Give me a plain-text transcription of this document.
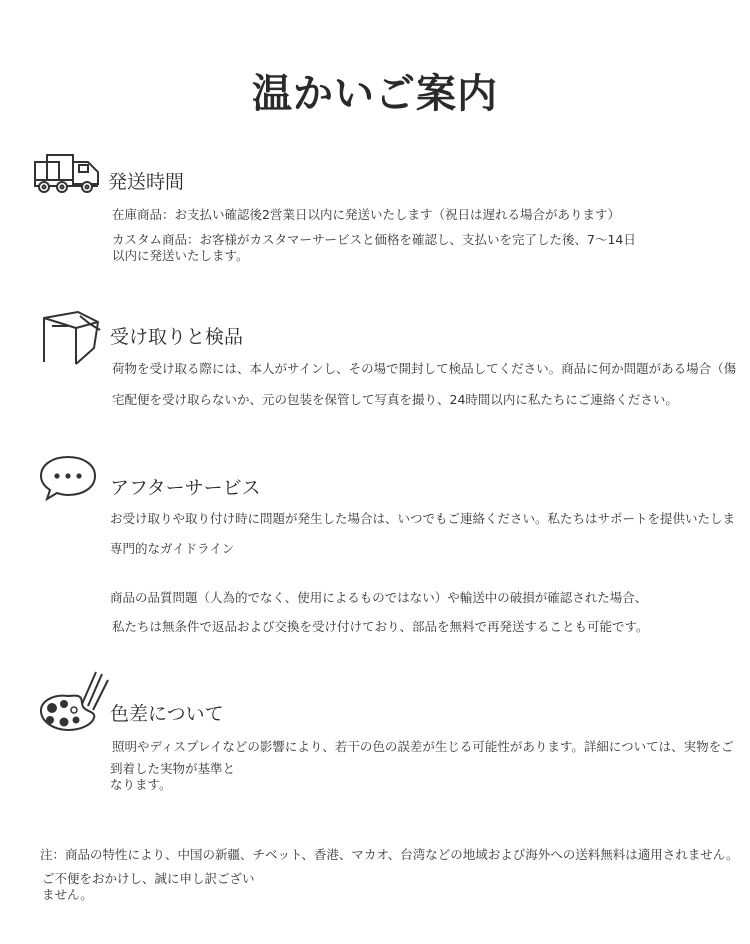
温かいご案内
発送時間
在庫商品：お支払い確認後2営業日以内に発送いたします（祝日は遅れる場合があります）
カスタム商品：お客様がカスタマーサービスと価格を確認し、支払いを完了した後、7〜14日
以内に発送いたします。
受け取りと検品
荷物を受け取る際には、本人がサインし、その場で開封して検品してください。商品に何か問題がある場合（傷
宅配便を受け取らないか、元の包装を保管して写真を撮り、24時間以内に私たちにご連絡ください。
アフターサービス
お受け取りや取り付け時に問題が発生した場合は、いつでもご連絡ください。私たちはサポートを提供いたしま
専門的なガイドライン
商品の品質問題（人為的でなく、使用によるものではない）や輸送中の破損が確認された場合、
私たちは無条件で返品および交換を受け付けており、部品を無料で再発送することも可能です。
色差について
照明やディスプレイなどの影響により、若干の色の誤差が生じる可能性があります。詳細については、実物をご
到着した実物が基準と
なります。
注：商品の特性により、中国の新疆、チベット、香港、マカオ、台湾などの地域および海外への送料無料は適用されません。
ご不便をおかけし、誠に申し訳ござい
ません。
